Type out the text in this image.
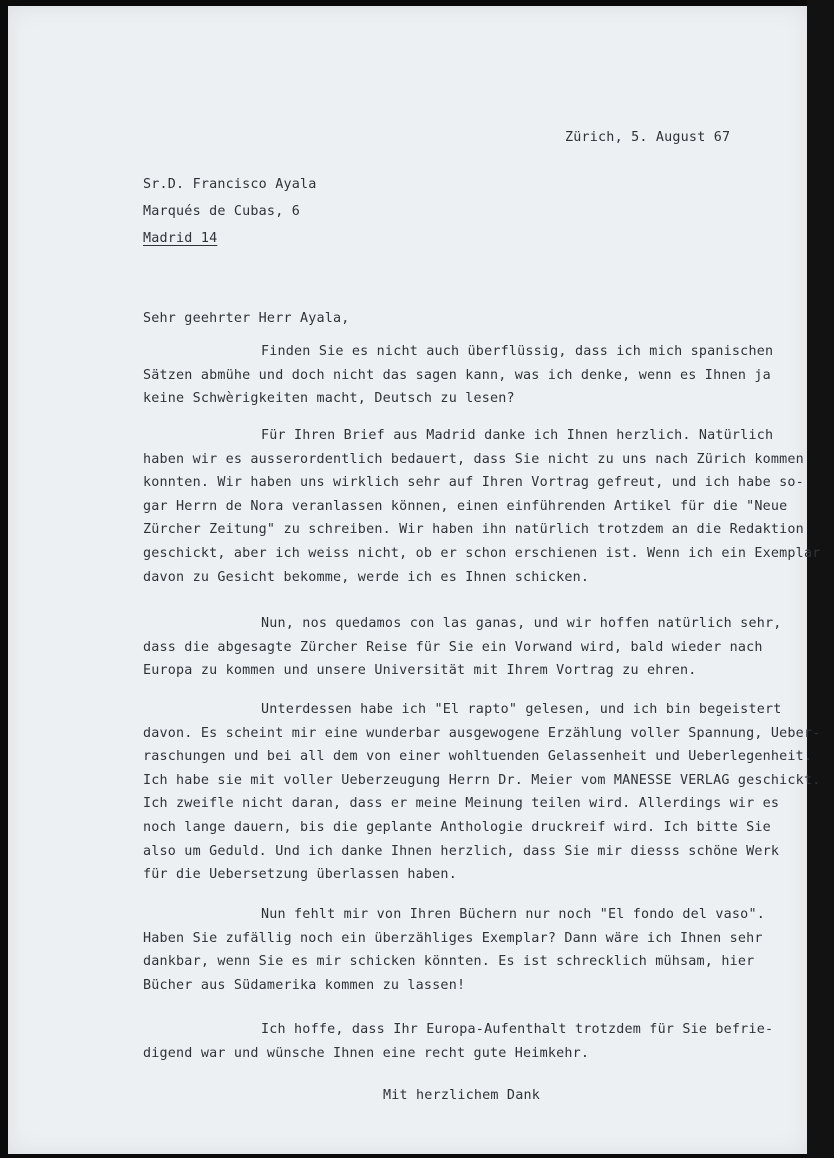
Zürich, 5. August 67
Sr.D. Francisco Ayala
Marqués de Cubas, 6
Madrid 14
Sehr geehrter Herr Ayala,
Finden Sie es nicht auch überflüssig, dass ich mich spanischen
Sätzen abmühe und doch nicht das sagen kann, was ich denke, wenn es Ihnen ja
keine Schwèrigkeiten macht, Deutsch zu lesen?
Für Ihren Brief aus Madrid danke ich Ihnen herzlich. Natürlich
haben wir es ausserordentlich bedauert, dass Sie nicht zu uns nach Zürich kommen
konnten. Wir haben uns wirklich sehr auf Ihren Vortrag gefreut, und ich habe so-
gar Herrn de Nora veranlassen können, einen einführenden Artikel für die "Neue
Zürcher Zeitung" zu schreiben. Wir haben ihn natürlich trotzdem an die Redaktion
geschickt, aber ich weiss nicht, ob er schon erschienen ist. Wenn ich ein Exemplar
davon zu Gesicht bekomme, werde ich es Ihnen schicken.
Nun, nos quedamos con las ganas, und wir hoffen natürlich sehr,
dass die abgesagte Zürcher Reise für Sie ein Vorwand wird, bald wieder nach
Europa zu kommen und unsere Universität mit Ihrem Vortrag zu ehren.
Unterdessen habe ich "El rapto" gelesen, und ich bin begeistert
davon. Es scheint mir eine wunderbar ausgewogene Erzählung voller Spannung, Ueber-
raschungen und bei all dem von einer wohltuenden Gelassenheit und Ueberlegenheit.
Ich habe sie mit voller Ueberzeugung Herrn Dr. Meier vom MANESSE VERLAG geschickt.
Ich zweifle nicht daran, dass er meine Meinung teilen wird. Allerdings wir es
noch lange dauern, bis die geplante Anthologie druckreif wird. Ich bitte Sie
also um Geduld. Und ich danke Ihnen herzlich, dass Sie mir diesss schöne Werk
für die Uebersetzung überlassen haben.
Nun fehlt mir von Ihren Büchern nur noch "El fondo del vaso".
Haben Sie zufällig noch ein überzähliges Exemplar? Dann wäre ich Ihnen sehr
dankbar, wenn Sie es mir schicken könnten. Es ist schrecklich mühsam, hier
Bücher aus Südamerika kommen zu lassen!
Ich hoffe, dass Ihr Europa-Aufenthalt trotzdem für Sie befrie-
digend war und wünsche Ihnen eine recht gute Heimkehr.
Mit herzlichem Dank
